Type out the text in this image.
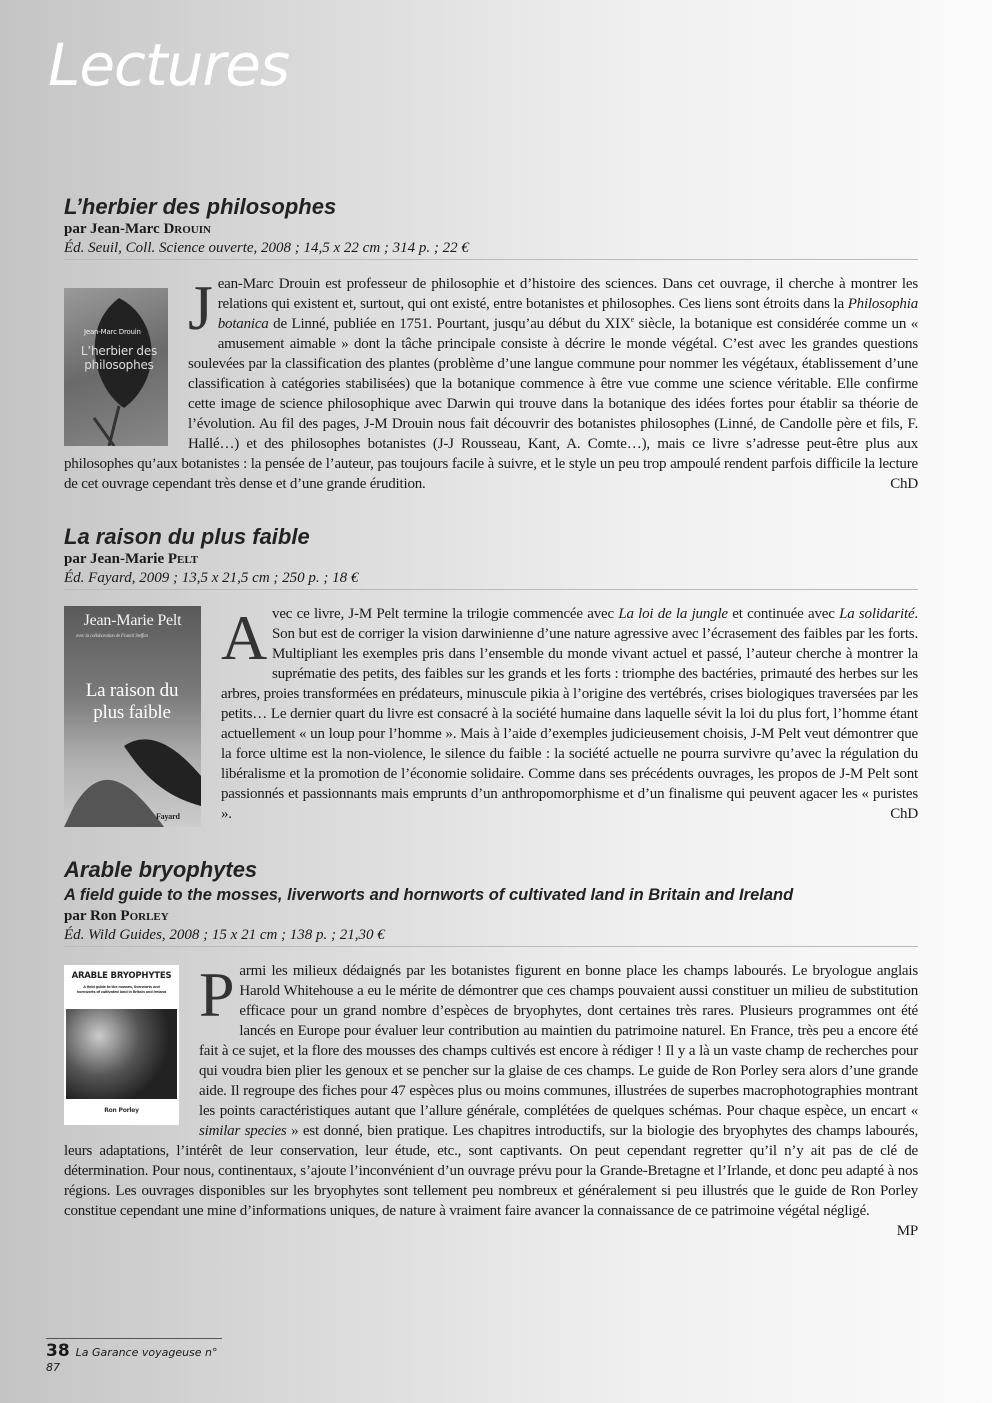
Lectures
L’herbier des philosophes
par Jean-Marc Drouin
Éd. Seuil, Coll. Science ouverte, 2008 ; 14,5 x 22 cm ; 314 p. ; 22 €
Jean-Marc Drouin
L’herbier des philosophes
J ean-Marc Drouin est professeur de philosophie et d’histoire des sciences. Dans cet ouvrage, il cherche à montrer les relations qui existent et, surtout, qui ont existé, entre botanistes et philosophes. Ces liens sont étroits dans la Philosophia botanica de Linné, publiée en 1751. Pourtant, jusqu’au début du XIXe siècle, la botanique est considérée comme un « amusement aimable » dont la tâche principale consiste à décrire le monde végétal. C’est avec les grandes questions soulevées par la classification des plantes (problème d’une langue commune pour nommer les végétaux, établissement d’une classification à catégories stabilisées) que la botanique commence à être vue comme une science véritable. Elle confirme cette image de science philosophique avec Darwin qui trouve dans la botanique des idées fortes pour établir sa théorie de l’évolution. Au fil des pages, J-M Drouin nous fait découvrir des botanistes philosophes (Linné, de Candolle père et fils, F. Hallé…) et des philosophes botanistes (J-J Rousseau, Kant, A. Comte…), mais ce livre s’adresse peut-être plus aux philosophes qu’aux botanistes : la pensée de l’auteur, pas toujours facile à suivre, et le style un peu trop ampoulé rendent parfois difficile la lecture de cet ouvrage cependant très dense et d’une grande érudition.	ChD
La raison du plus faible
par Jean-Marie Pelt
Éd. Fayard, 2009 ; 13,5 x 21,5 cm ; 250 p. ; 18 €
Jean-Marie Pelt
avec la collaboration de Franck Steffan
La raison du plus faible
Fayard
A vec ce livre, J-M Pelt termine la trilogie commencée avec La loi de la jungle et continuée avec La solidarité. Son but est de corriger la vision darwinienne d’une nature agressive avec l’écrasement des faibles par les forts. Multipliant les exemples pris dans l’ensemble du monde vivant actuel et passé, l’auteur cherche à montrer la suprématie des petits, des faibles sur les grands et les forts : triomphe des bactéries, primauté des herbes sur les arbres, proies transformées en prédateurs, minuscule pikia à l’origine des vertébrés, crises biologiques traversées par les petits… Le dernier quart du livre est consacré à la société humaine dans laquelle sévit la loi du plus fort, l’homme étant actuellement « un loup pour l’homme ». Mais à l’aide d’exemples judicieusement choisis, J-M Pelt veut démontrer que la force ultime est la non-violence, le silence du faible : la société actuelle ne pourra survivre qu’avec la régulation du libéralisme et la promotion de l’économie solidaire. Comme dans ses précédents ouvrages, les propos de J-M Pelt sont passionnés et passionnants mais emprunts d’un anthropomorphisme et d’un finalisme qui peuvent agacer les « puristes ».	ChD
Arable bryophytes
A field guide to the mosses, liverworts and hornworts of cultivated land in Britain and Ireland
par Ron Porley
Éd. Wild Guides, 2008 ; 15 x 21 cm ; 138 p. ; 21,30 €
ARABLE BRYOPHYTES
A field guide to the mosses, liverworts and hornworts of cultivated land in Britain and Ireland
Ron Porley
P armi les milieux dédaignés par les botanistes figurent en bonne place les champs labourés. Le bryologue anglais Harold Whitehouse a eu le mérite de démontrer que ces champs pouvaient aussi constituer un milieu de substitution efficace pour un grand nombre d’espèces de bryophytes, dont certaines très rares. Plusieurs programmes ont été lancés en Europe pour évaluer leur contribution au maintien du patrimoine naturel. En France, très peu a encore été fait à ce sujet, et la flore des mousses des champs cultivés est encore à rédiger ! Il y a là un vaste champ de recherches pour qui voudra bien plier les genoux et se pencher sur la glaise de ces champs. Le guide de Ron Porley sera alors d’une grande aide. Il regroupe des fiches pour 47 espèces plus ou moins communes, illustrées de superbes macrophotographies montrant les points caractéristiques autant que l’allure générale, complétées de quelques schémas. Pour chaque espèce, un encart « similar species » est donné, bien pratique. Les chapitres introductifs, sur la biologie des bryophytes des champs labourés, leurs adaptations, l’intérêt de leur conservation, leur étude, etc., sont captivants. On peut cependant regretter qu’il n’y ait pas de clé de détermination. Pour nous, continentaux, s’ajoute l’inconvénient d’un ouvrage prévu pour la Grande-Bretagne et l’Irlande, et donc peu adapté à nos régions. Les ouvrages disponibles sur les bryophytes sont tellement peu nombreux et généralement si peu illustrés que le guide de Ron Porley constitue cependant une mine d’informations uniques, de nature à vraiment faire avancer la connaissance de ce patrimoine végétal négligé.
MP
38 La Garance voyageuse n° 87
